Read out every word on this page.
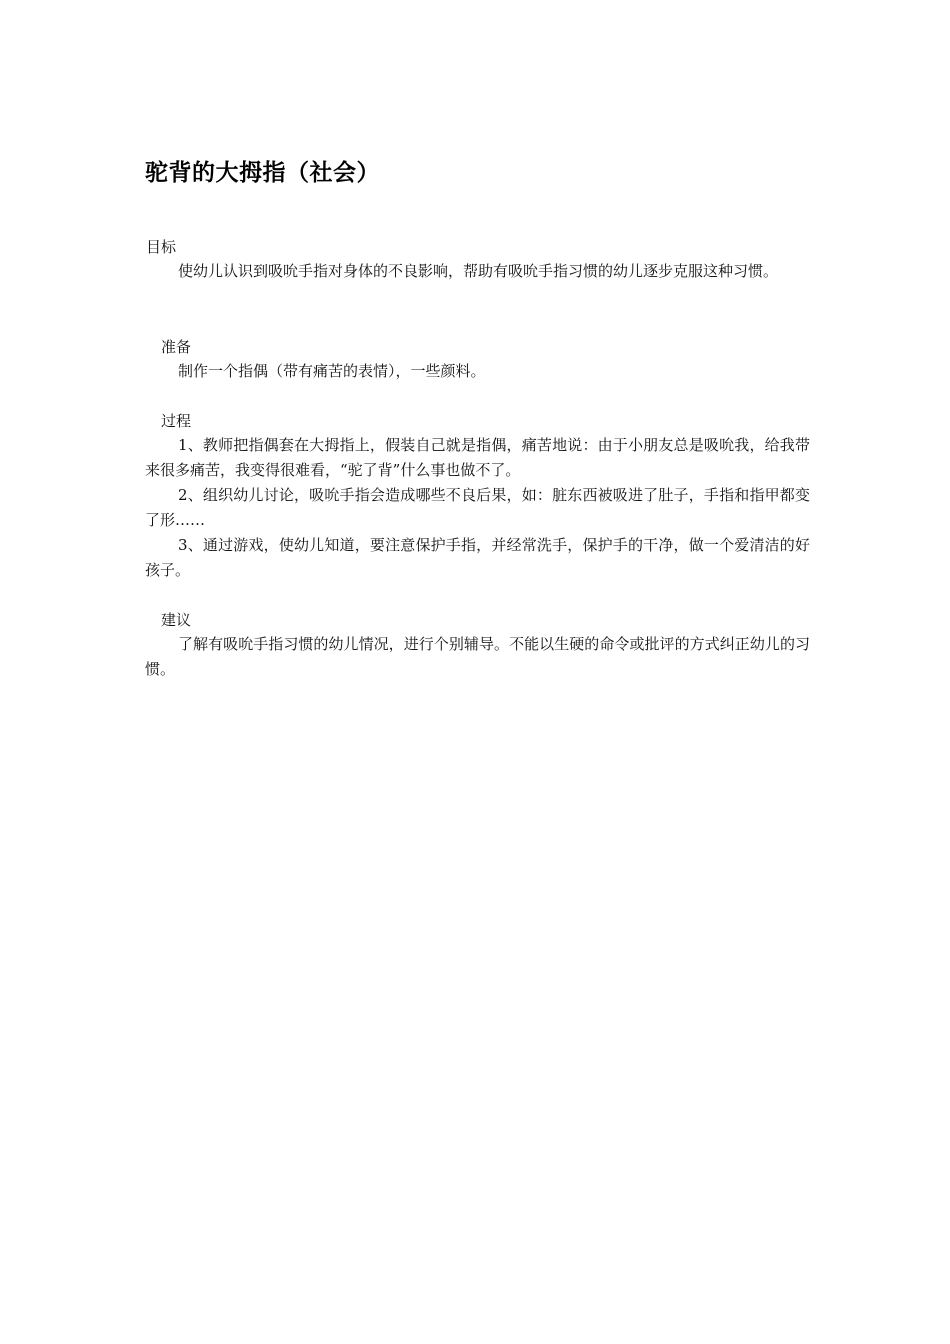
驼背的大拇指（社会）
目标

使幼儿认识到吸吮手指对身体的不良影响，帮助有吸吮手指习惯的幼儿逐步克服这种习惯。

准备

制作一个指偶（带有痛苦的表情），一些颜料。

过程

1、教师把指偶套在大拇指上，假装自己就是指偶，痛苦地说：由于小朋友总是吸吮我，给我带来很多痛苦，我变得很难看，“驼了背”什么事也做不了。

2、组织幼儿讨论，吸吮手指会造成哪些不良后果，如：脏东西被吸进了肚子，手指和指甲都变了形……

3、通过游戏，使幼儿知道，要注意保护手指，并经常洗手，保护手的干净，做一个爱清洁的好孩子。

建议

了解有吸吮手指习惯的幼儿情况，进行个别辅导。不能以生硬的命令或批评的方式纠正幼儿的习惯。
